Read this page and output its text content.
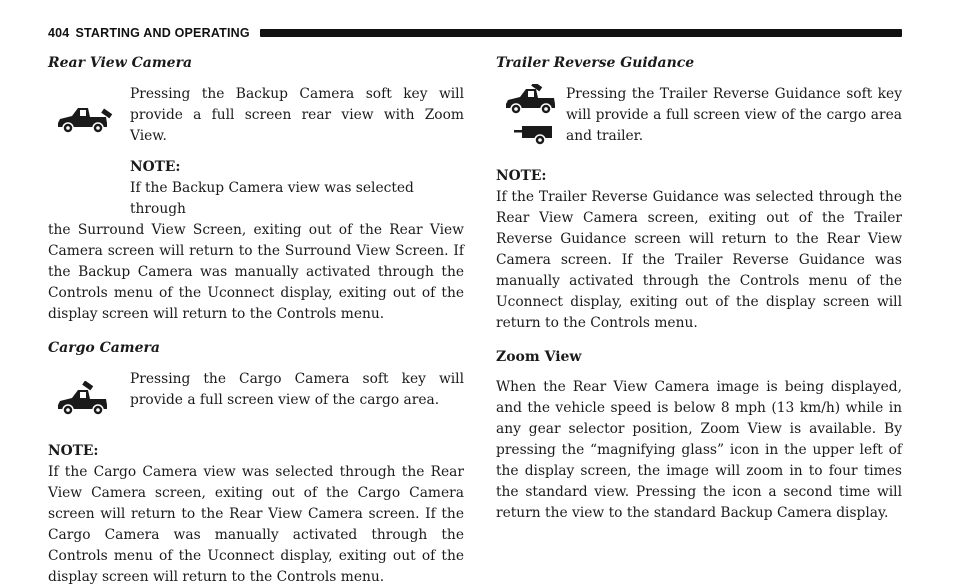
404 STARTING AND OPERATING
Rear View Camera

Pressing the Backup Camera soft key will provide a full screen rear view with Zoom View.

NOTE:

If the Backup Camera view was selected through

the Surround View Screen, exiting out of the Rear View Camera screen will return to the Surround View Screen. If the Backup Camera was manually activated through the Controls menu of the Uconnect display, exiting out of the display screen will return to the Controls menu.

Cargo Camera

Pressing the Cargo Camera soft key will provide a full screen view of the cargo area.

NOTE:

If the Cargo Camera view was selected through the Rear View Camera screen, exiting out of the Cargo Camera screen will return to the Rear View Camera screen. If the Cargo Camera was manually activated through the Controls menu of the Uconnect display, exiting out of the display screen will return to the Controls menu.

Trailer Reverse Guidance

Pressing the Trailer Reverse Guidance soft key will provide a full screen view of the cargo area and trailer.

NOTE:

If the Trailer Reverse Guidance was selected through the Rear View Camera screen, exiting out of the Trailer Reverse Guidance screen will return to the Rear View Camera screen. If the Trailer Reverse Guidance was manually activated through the Controls menu of the Uconnect display, exiting out of the display screen will return to the Controls menu.

Zoom View

When the Rear View Camera image is being displayed, and the vehicle speed is below 8 mph (13 km/h) while in any gear selector position, Zoom View is available. By pressing the “magnifying glass” icon in the upper left of the display screen, the image will zoom in to four times the standard view. Pressing the icon a second time will return the view to the standard Backup Camera display.
